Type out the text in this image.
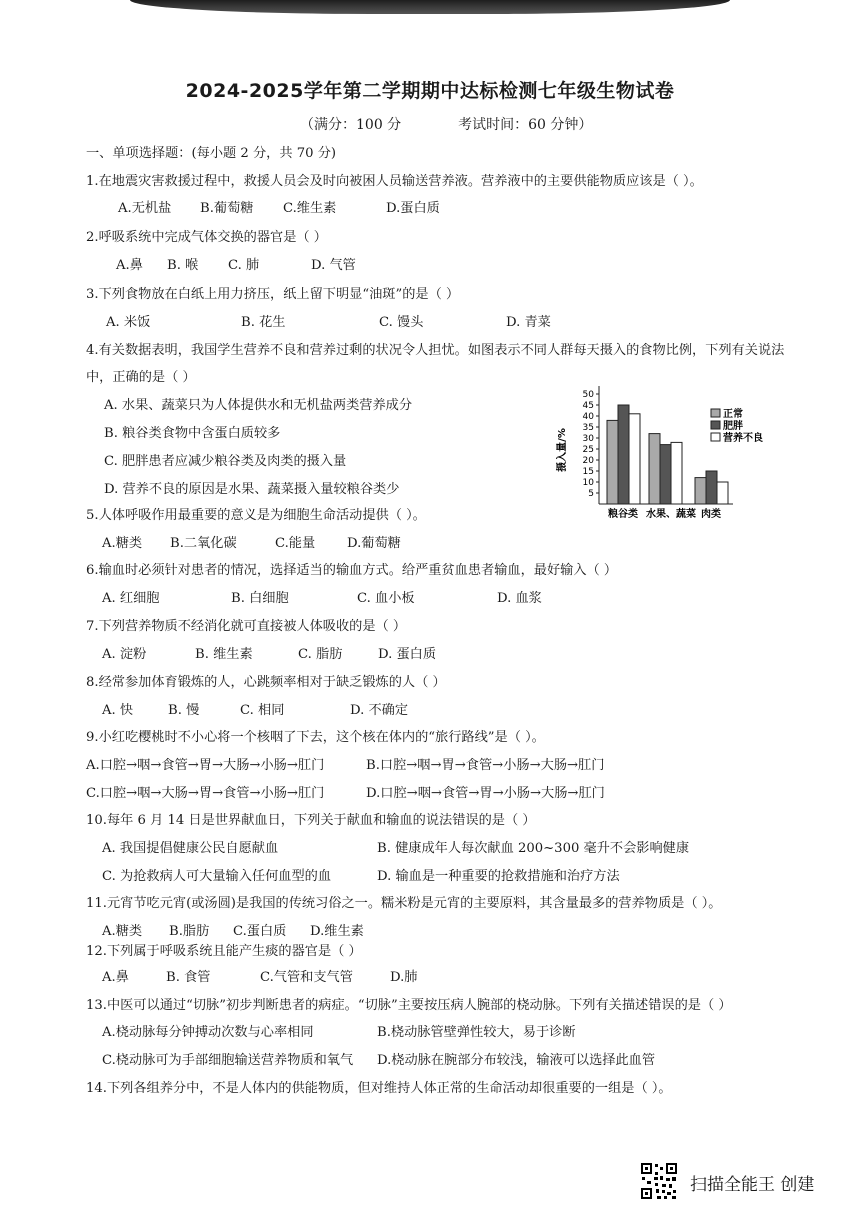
2024-2025学年第二学期期中达标检测七年级生物试卷
（满分：100 分	考试时间：60 分钟）
一、单项选择题：(每小题 2 分，共 70 分)
1.在地震灾害救援过程中，救援人员会及时向被困人员输送营养液。营养液中的主要供能物质应该是（ ）。
A.无机盐 B.葡萄糖 C.维生素	D.蛋白质
2.呼吸系统中完成气体交换的器官是（ ）
A.鼻 B. 喉 C. 肺	D. 气管
3.下列食物放在白纸上用力挤压，纸上留下明显“油斑”的是（ ）
A. 米饭	B. 花生	C. 馒头	D. 青菜
4.有关数据表明，我国学生营养不良和营养过剩的状况令人担忧。如图表示不同人群每天摄入的食物比例，下列有关说法
中，正确的是（ ）
A. 水果、蔬菜只为人体提供水和无机盐两类营养成分
B. 粮谷类食物中含蛋白质较多
C. 肥胖患者应减少粮谷类及肉类的摄入量
D. 营养不良的原因是水果、蔬菜摄入量较粮谷类少
摄入量/%
5
10
15
20
25
30
35
40
45
50
粮谷类 水果、蔬菜 肉类
正常
肥胖
营养不良
5.人体呼吸作用最重要的意义是为细胞生命活动提供（ ）。
A.糖类 B.二氧化碳	C.能量 D.葡萄糖
6.输血时必须针对患者的情况，选择适当的输血方式。给严重贫血患者输血，最好输入（ ）
A. 红细胞	B. 白细胞	C. 血小板	D. 血浆
7.下列营养物质不经消化就可直接被人体吸收的是（ ）
A. 淀粉	B. 维生素	C. 脂肪	D. 蛋白质
8.经常参加体育锻炼的人，心跳频率相对于缺乏锻炼的人（ ）
A. 快	B. 慢	C. 相同	D. 不确定
9.小红吃樱桃时不小心将一个核咽了下去，这个核在体内的“旅行路线”是（ ）。
A.口腔→咽→食管→胃→大肠→小肠→肛门	B.口腔→咽→胃→食管→小肠→大肠→肛门
C.口腔→咽→大肠→胃→食管→小肠→肛门	D.口腔→咽→食管→胃→小肠→大肠→肛门
10.每年 6 月 14 日是世界献血日，下列关于献血和输血的说法错误的是（ ）
A. 我国提倡健康公民自愿献血	B. 健康成年人每次献血 200~300 毫升不会影响健康
C. 为抢救病人可大量输入任何血型的血	D. 输血是一种重要的抢救措施和治疗方法
11.元宵节吃元宵(或汤圆)是我国的传统习俗之一。糯米粉是元宵的主要原料，其含量最多的营养物质是（ ）。
A.糖类 B.脂肪 C.蛋白质 D.维生素
12.下列属于呼吸系统且能产生痰的器官是（ ）
A.鼻	B. 食管	C.气管和支气管	D.肺
13.中医可以通过“切脉”初步判断患者的病症。“切脉”主要按压病人腕部的桡动脉。下列有关描述错误的是（ ）
A.桡动脉每分钟搏动次数与心率相同	B.桡动脉管壁弹性较大，易于诊断
C.桡动脉可为手部细胞输送营养物质和氧气 D.桡动脉在腕部分布较浅，输液可以选择此血管
14.下列各组养分中，不是人体内的供能物质，但对维持人体正常的生命活动却很重要的一组是（ ）。
扫描全能王 创建
